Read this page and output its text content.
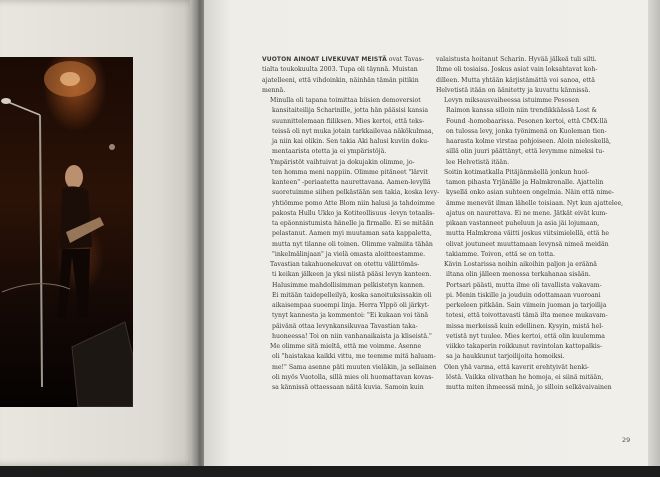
VUOTON AINOAT LIVEKUVAT MEISTÄ ovat Tavas-
tialta toukokuulta 2003. Tupa oli täynnä. Muistan
ajatelleeni, että vihdoinkin, näinhän tämän pitikin
mennä.

Minulla oli tapana toimittaa biisien demoversiot
kansitaiteilija Scharinille, jotta hän pääsisi kansia
suunnittelemaan fiiliksen. Mies kertoi, että teks-
teissä oli nyt muka jotain tarkkailevaa näkökulmaa,
ja niin kai olikin. Sen takia Aki halusi kuviin doku-
mentaarista otetta ja ei ympäristöjä.

Ympäristöt vaihtuivat ja dokujakin olimme, jo-
ten homma meni nappiin. Olimme pitäneet "lärvit
kanteen" -periaatetta naurettavana. Aamen-levyllä
suoretuimme siihen pelkästään sen takia, koska levy-
yhtiömme pomo Atte Blom niin halusi ja tahdoimme
pakosta Hullu Ukko ja Kotiteollisuus -levyn totaalis-
ta epäonnistumista hänelle ja firmalle. Ei se mitään
pelastanut. Aamen myi muutaman sata kappaletta,
mutta nyt tilanne oli toinen. Olimme valmiita tähän
"inkelmälinjaan" ja vielä omasta aloitteestamme.

Tavastian takahuonekuvat on otettu välittömäs-
ti keikan jälkeen ja yksi niistä pääsi levyn kanteen.
Halusimme mahdollisimman pelkistetyn kannen.
Ei mitään taidepelleilyä, koska sanoituksissakin oli
aikaisempaa suoempi linja. Herra Ylppö oli järkyt-
tynyt kannesta ja kommentoi: "Ei kukaan voi tänä
päivänä ottaa levynkansikuvaa Tavastian taka-
huoneessa! Toi on niin vanhanaikaista ja kliseistä."

Me olimme sitä mieltä, että me voimme. Asenne
oli "haistakaa kaikki vittu, me teemme mitä haluam-
me!" Sama asenne päti muuten vieläkin, ja sellainen
oli myös Vuotolla, sillä mies oli huomattavan kovas-
sa kännissä ottaessaan näitä kuvia. Samoin kuin

valaistusta hoitanut Scharin. Hyvää jälkeä tuli silti.
Ihme oli tosiaisa. Joskus asiat vain loksahtavat koh-
dilleen. Mutta yhtään kärjistämättä voi sanoa, että
Helvetistä itään on äänitetty ja kuvattu kännissä.

Levyn miksausvaiheessa istuimme Pesosen
Raimon kanssa silloin niin trendikkäässä Lost &
Found -homobaarissa. Pesonen kertoi, että CMX:llä
on tulossa levy, jonka työnimenä on Kuoleman tien-
haarasta kolme virstaa pohjoiseen. Aloin nieleskellä,
sillä olin juuri päättänyt, että levymme nimeksi tu-
lee Helvetistä itään.

Soitin kotimatkalla Pitäjänmäellä jonkun huol-
tamon pihasta Yrjänälle ja Halmkronalle. Ajattelin
kysellä onko asian suhteen ongelmia. Näin että nime-
ämme menevät ilman lähelle toisiaan. Nyt kun ajattelee,
ajatus on naurettava. Ei ne mene. Jätkät eivät kum-
pikaan vastanneet puheluun ja asia jäi lojumaan,
mutta Halmkrona väitti joskus viitsimielellä, että he
olivat joutuneet muuttamaan levynsä nimeä meidän
takiamme. Toivon, että se on totta.

Kävin Lostarissa noihin aikoihin paljon ja eräänä
iltana olin jälleen menossa terkahanaa sisään.
Portsari päästi, mutta ilme oli tavallista vakavam-
pi. Menin tiskille ja jouduin odottamaan vuoroani
perkeleen pitkään. Sain viimein juoman ja tarjoilija
totesi, että toivottavasti tämä ilta menee mukavam-
missa merkeissä kuin edellinen. Kysyin, mistä hel-
vetistä nyt tuulee. Mies kertoi, että olin kuulemma
viikko takaperin roikkunut ravintolan kattopalkis-
sa ja haukkunut tarjoilijoita homoiksi.

Olen yhä varma, että kaverit erehtyivät henki-
löstä. Vaikka olivathan he homoja, ei siinä mitään,
mutta miten ihmeessä minä, jo silloin selkävaivainen

29
